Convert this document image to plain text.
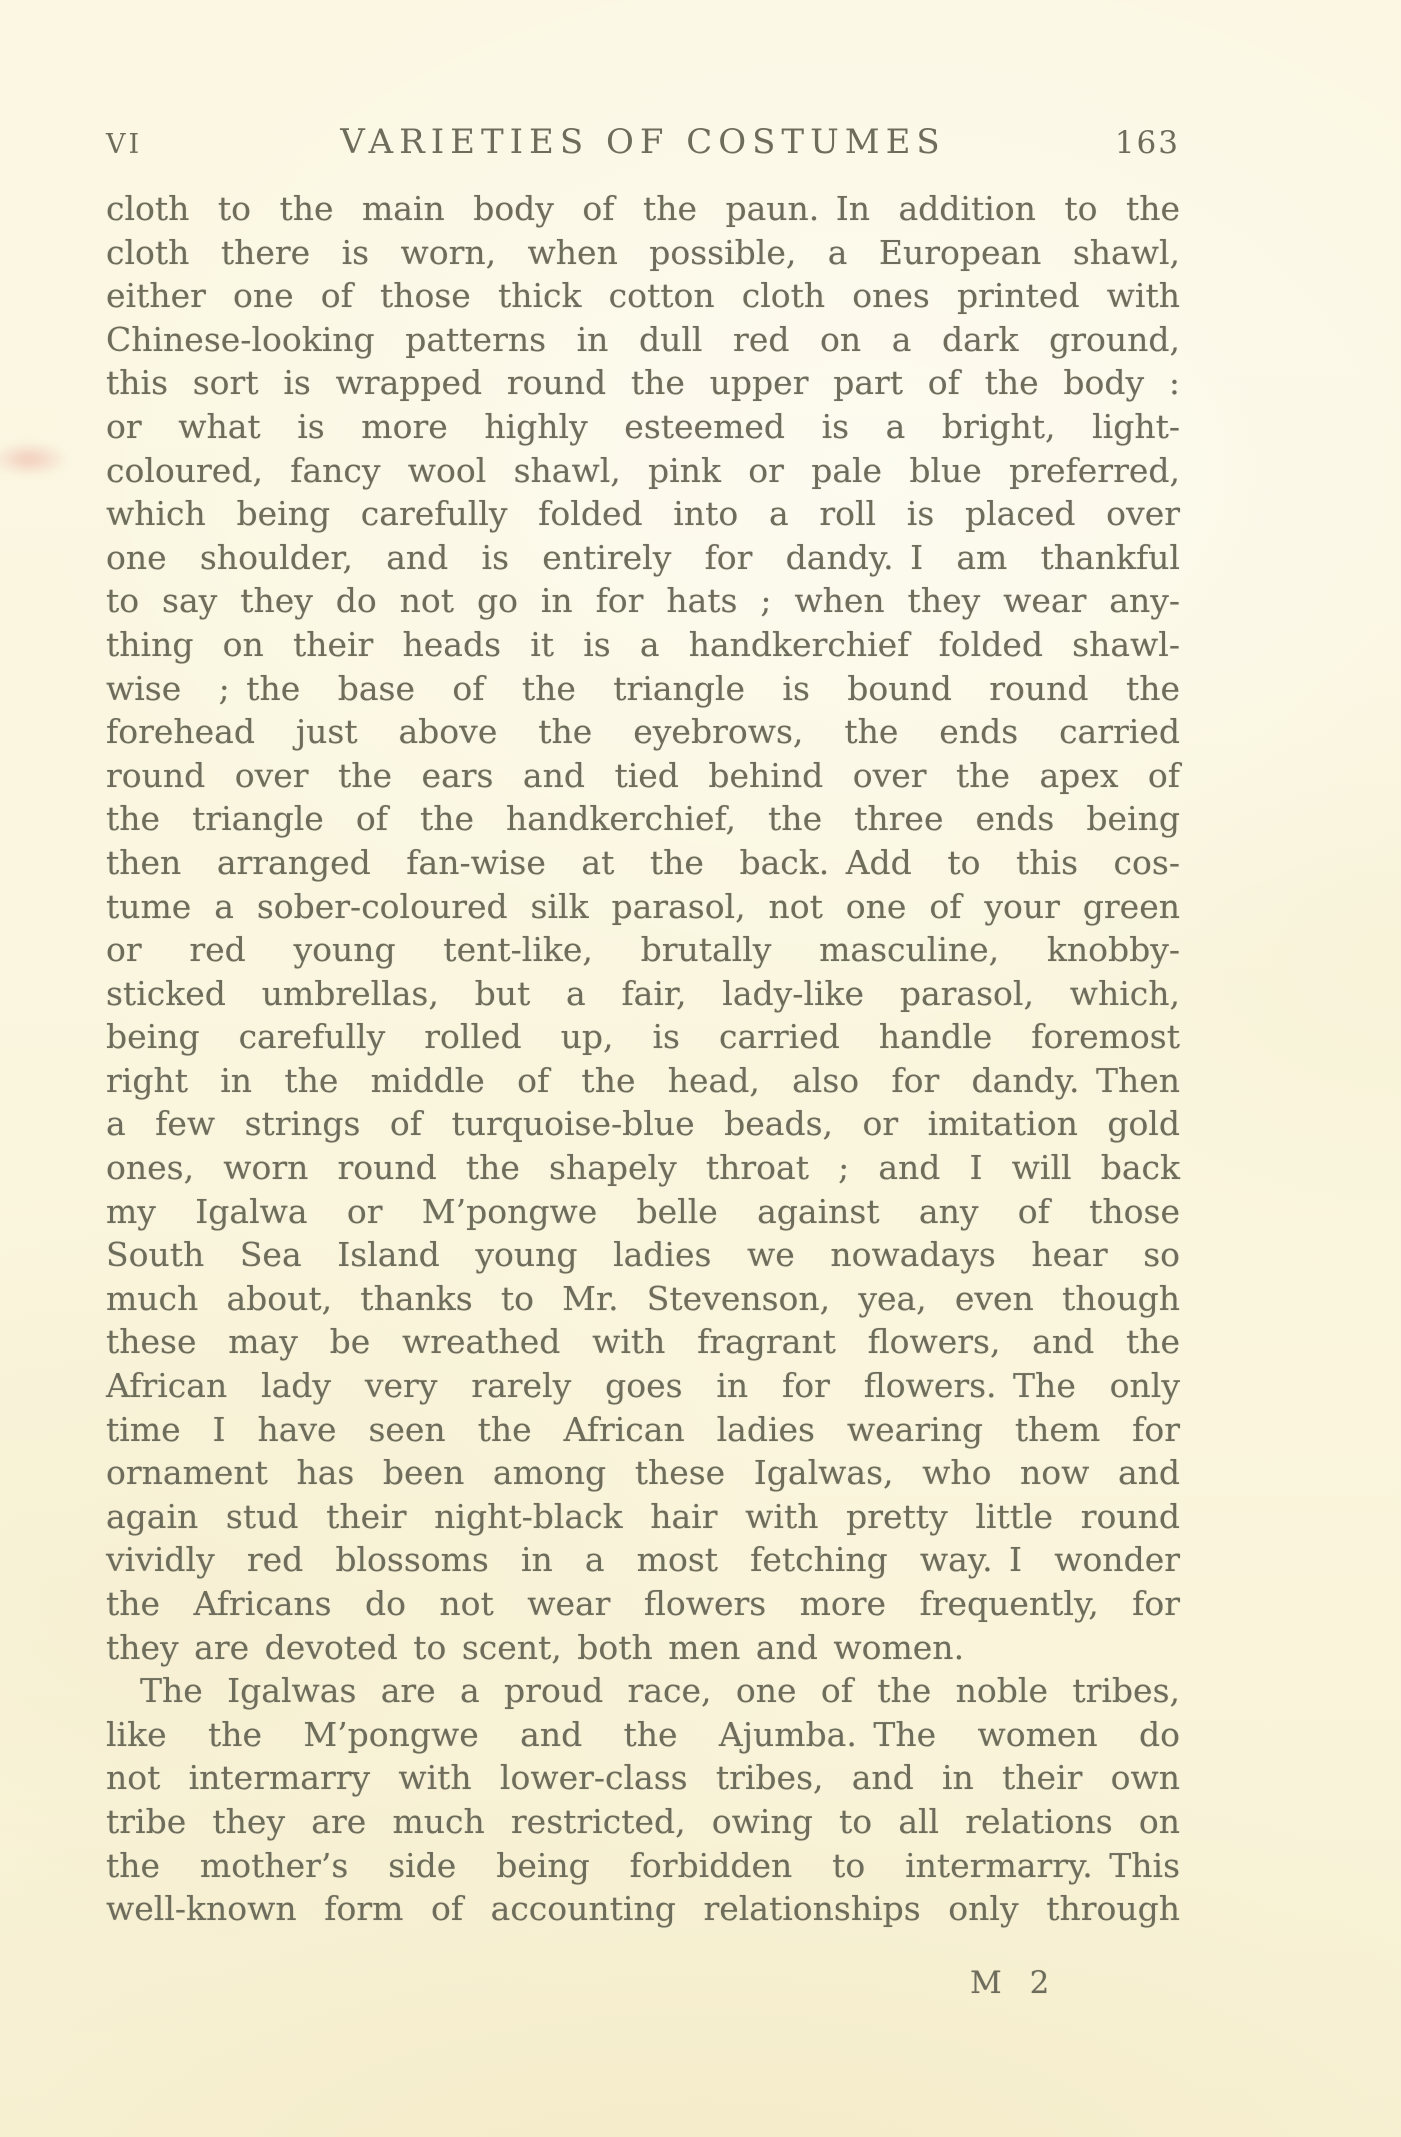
VI	VARIETIES OF COSTUMES	163
cloth to the main body of the paun. In addition to the
cloth there is worn, when possible, a European shawl,
either one of those thick cotton cloth ones printed with
Chinese-looking patterns in dull red on a dark ground,
this sort is wrapped round the upper part of the body :
or what is more highly esteemed is a bright, light-
coloured, fancy wool shawl, pink or pale blue preferred,
which being carefully folded into a roll is placed over
one shoulder, and is entirely for dandy. I am thankful
to say they do not go in for hats ; when they wear any-
thing on their heads it is a handkerchief folded shawl-
wise ; the base of the triangle is bound round the
forehead just above the eyebrows, the ends carried
round over the ears and tied behind over the apex of
the triangle of the handkerchief, the three ends being
then arranged fan-wise at the back. Add to this cos-
tume a sober-coloured silk parasol, not one of your green
or red young tent-like, brutally masculine, knobby-
sticked umbrellas, but a fair, lady-like parasol, which,
being carefully rolled up, is carried handle foremost
right in the middle of the head, also for dandy. Then
a few strings of turquoise-blue beads, or imitation gold
ones, worn round the shapely throat ; and I will back
my Igalwa or M’pongwe belle against any of those
South Sea Island young ladies we nowadays hear so
much about, thanks to Mr. Stevenson, yea, even though
these may be wreathed with fragrant flowers, and the
African lady very rarely goes in for flowers. The only
time I have seen the African ladies wearing them for
ornament has been among these Igalwas, who now and
again stud their night-black hair with pretty little round
vividly red blossoms in a most fetching way. I wonder
the Africans do not wear flowers more frequently, for
they are devoted to scent, both men and women.
The Igalwas are a proud race, one of the noble tribes,
like the M’pongwe and the Ajumba. The women do
not intermarry with lower-class tribes, and in their own
tribe they are much restricted, owing to all relations on
the mother’s side being forbidden to intermarry. This
well-known form of accounting relationships only through
M 2
